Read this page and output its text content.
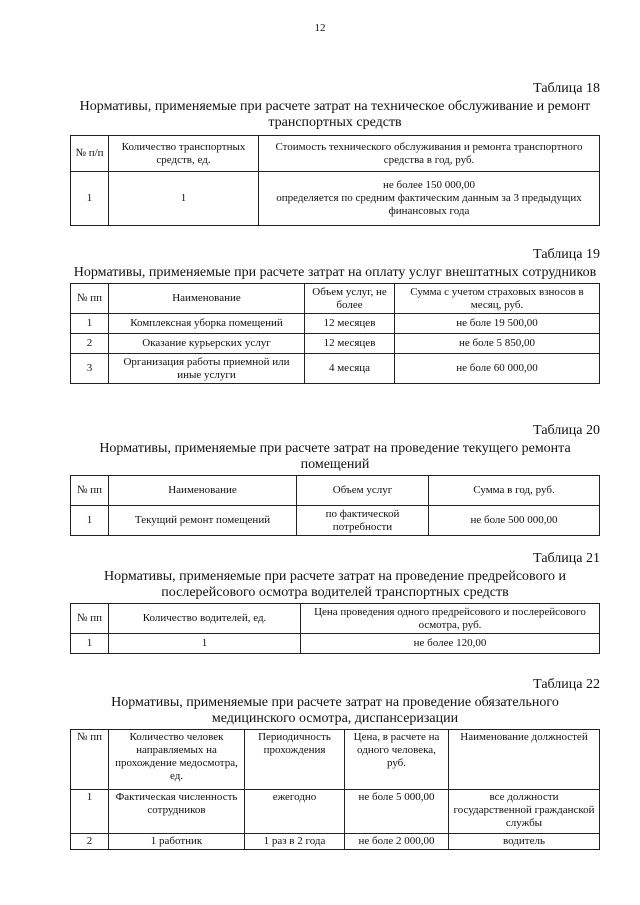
12
Таблица 18
Нормативы, применяемые при расчете затрат на техническое обслуживание и ремонт транспортных средств
№ п/п	Количество транспортных средств, ед.	Стоимость технического обслуживания и ремонта транспортного средства в год, руб.
1	1	не более 150 000,00
определяется по средним фактическим данным за 3 предыдущих финансовых года
Таблица 19
Нормативы, применяемые при расчете затрат на оплату услуг внештатных сотрудников
№ пп	Наименование	Объем услуг, не более	Сумма с учетом страховых взносов в месяц, руб.
1	Комплексная уборка помещений	12 месяцев	не боле 19 500,00
2	Оказание курьерских услуг	12 месяцев	не боле 5 850,00
3	Организация работы приемной или иные услуги	4 месяца	не боле 60 000,00
Таблица 20
Нормативы, применяемые при расчете затрат на проведение текущего ремонта помещений
№ пп	Наименование	Объем услуг	Сумма в год, руб.
1	Текущий ремонт помещений	по фактической потребности	не боле 500 000,00
Таблица 21
Нормативы, применяемые при расчете затрат на проведение предрейсового и послерейсового осмотра водителей транспортных средств
№ пп	Количество водителей, ед.	Цена проведения одного предрейсового и послерейсового осмотра, руб.
1	1	не более 120,00
Таблица 22
Нормативы, применяемые при расчете затрат на проведение обязательного медицинского осмотра, диспансеризации
№ пп	Количество человек направляемых на прохождение медосмотра, ед.	Периодичность прохождения	Цена, в расчете на одного человека, руб.	Наименование должностей
1	Фактическая численность сотрудников	ежегодно	не боле 5 000,00	все должности государственной гражданской службы
2	1 работник	1 раз в 2 года	не боле 2 000,00	водитель
